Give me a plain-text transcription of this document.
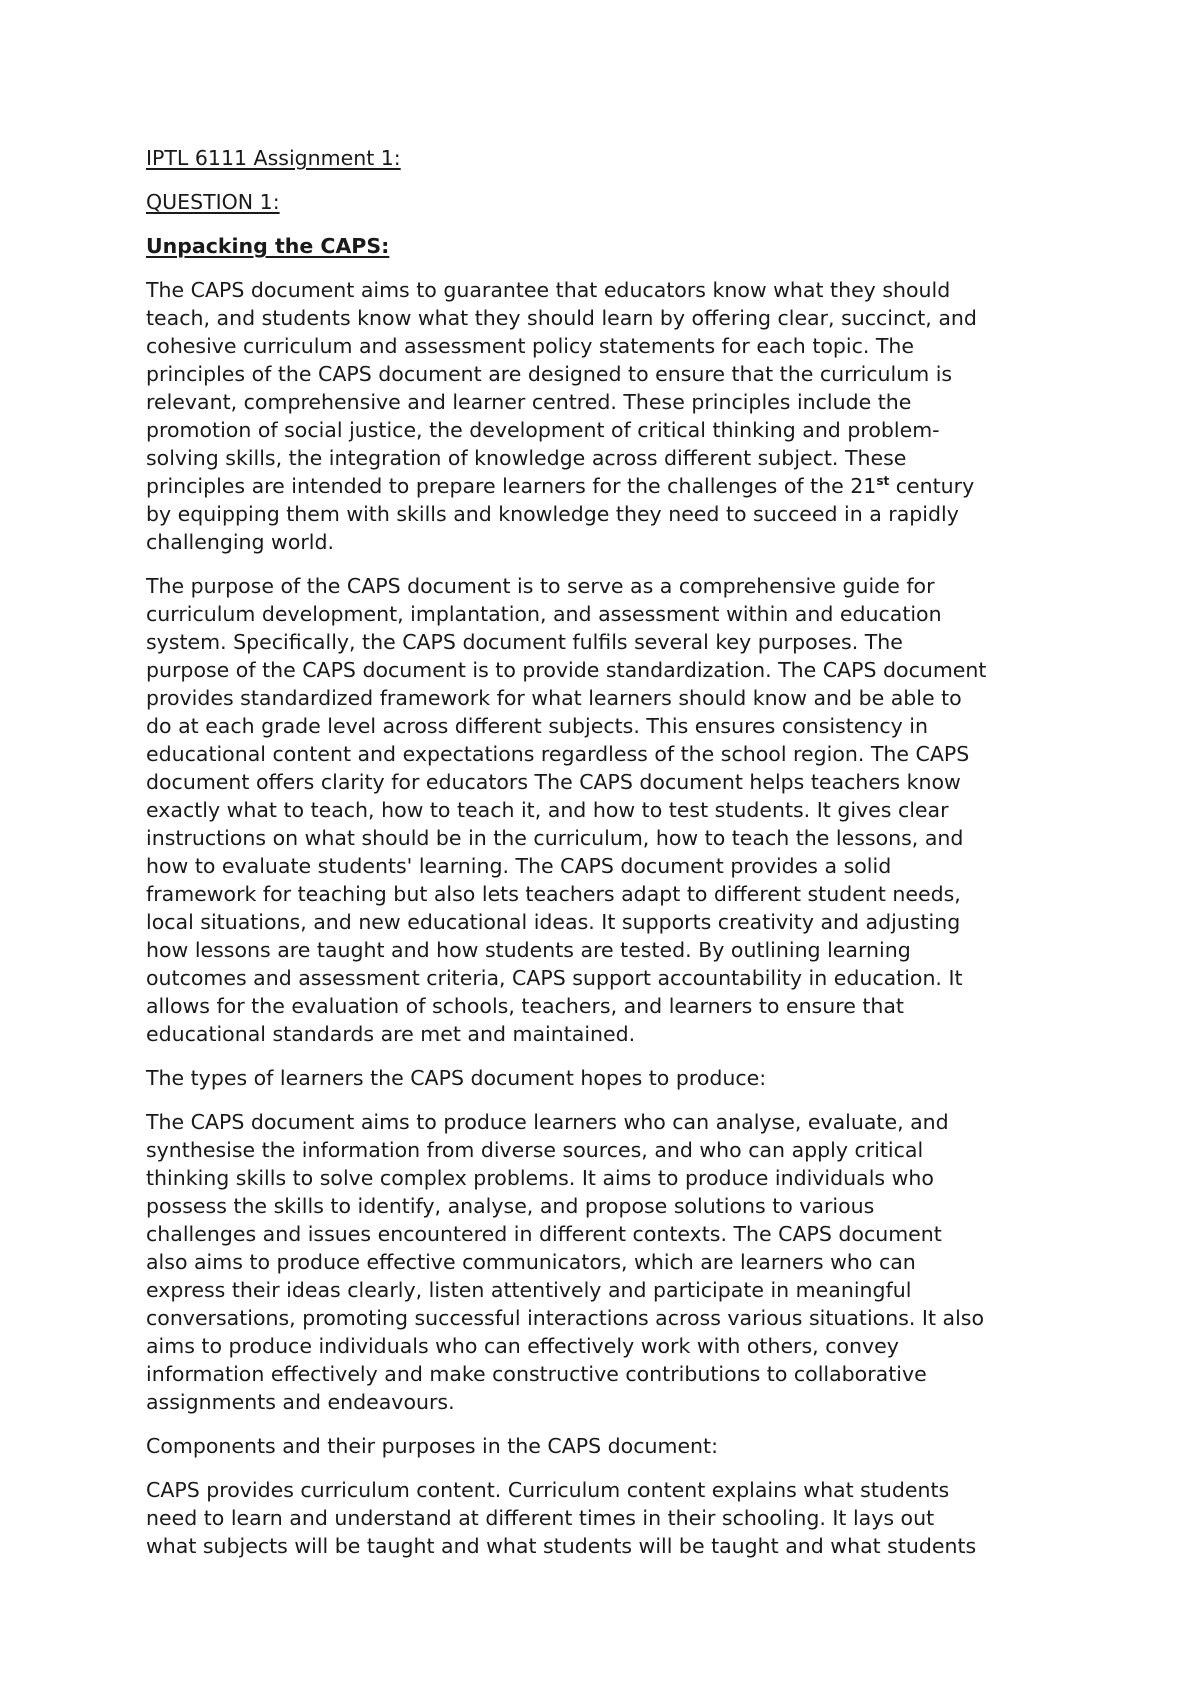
IPTL 6111 Assignment 1:
QUESTION 1:
Unpacking the CAPS:
The CAPS document aims to guarantee that educators know what they should
teach, and students know what they should learn by offering clear, succinct, and
cohesive curriculum and assessment policy statements for each topic. The
principles of the CAPS document are designed to ensure that the curriculum is
relevant, comprehensive and learner centred. These principles include the
promotion of social justice, the development of critical thinking and problem-
solving skills, the integration of knowledge across different subject. These
principles are intended to prepare learners for the challenges of the 21st century
by equipping them with skills and knowledge they need to succeed in a rapidly
challenging world.
The purpose of the CAPS document is to serve as a comprehensive guide for
curriculum development, implantation, and assessment within and education
system. Specifically, the CAPS document fulfils several key purposes. The
purpose of the CAPS document is to provide standardization. The CAPS document
provides standardized framework for what learners should know and be able to
do at each grade level across different subjects. This ensures consistency in
educational content and expectations regardless of the school region. The CAPS
document offers clarity for educators The CAPS document helps teachers know
exactly what to teach, how to teach it, and how to test students. It gives clear
instructions on what should be in the curriculum, how to teach the lessons, and
how to evaluate students' learning. The CAPS document provides a solid
framework for teaching but also lets teachers adapt to different student needs,
local situations, and new educational ideas. It supports creativity and adjusting
how lessons are taught and how students are tested. By outlining learning
outcomes and assessment criteria, CAPS support accountability in education. It
allows for the evaluation of schools, teachers, and learners to ensure that
educational standards are met and maintained.
The types of learners the CAPS document hopes to produce:
The CAPS document aims to produce learners who can analyse, evaluate, and
synthesise the information from diverse sources, and who can apply critical
thinking skills to solve complex problems. It aims to produce individuals who
possess the skills to identify, analyse, and propose solutions to various
challenges and issues encountered in different contexts. The CAPS document
also aims to produce effective communicators, which are learners who can
express their ideas clearly, listen attentively and participate in meaningful
conversations, promoting successful interactions across various situations. It also
aims to produce individuals who can effectively work with others, convey
information effectively and make constructive contributions to collaborative
assignments and endeavours.
Components and their purposes in the CAPS document:
CAPS provides curriculum content. Curriculum content explains what students
need to learn and understand at different times in their schooling. It lays out
what subjects will be taught and what students will be taught and what students
